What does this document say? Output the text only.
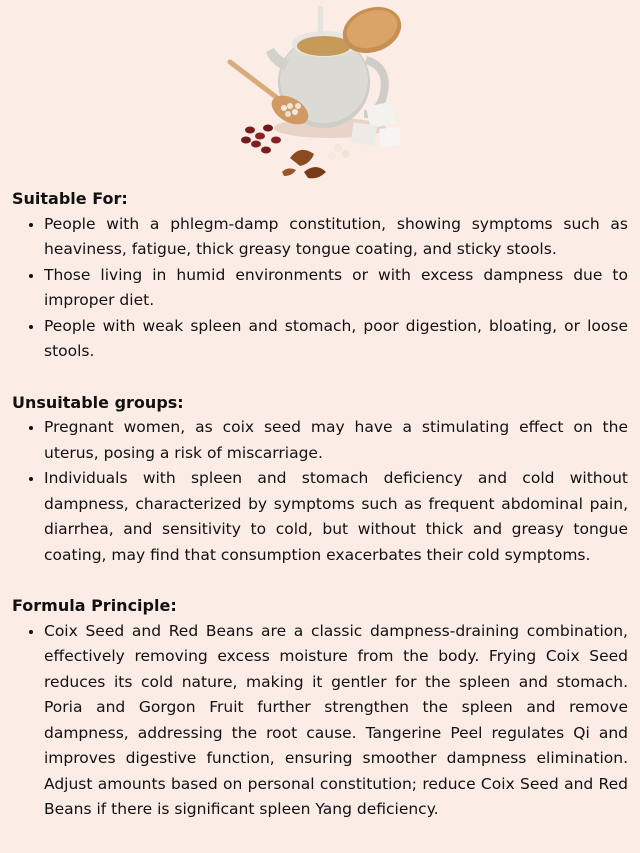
Suitable For:
• People with a phlegm-damp constitution, showing symptoms such as heaviness, fatigue, thick greasy tongue coating, and sticky stools.
• Those living in humid environments or with excess dampness due to improper diet.
• People with weak spleen and stomach, poor digestion, bloating, or loose stools.
Unsuitable groups:
• Pregnant women, as coix seed may have a stimulating effect on the uterus, posing a risk of miscarriage.
• Individuals with spleen and stomach deficiency and cold without dampness, characterized by symptoms such as frequent abdominal pain, diarrhea, and sensitivity to cold, but without thick and greasy tongue coating, may find that consumption exacerbates their cold symptoms.
Formula Principle:
• Coix Seed and Red Beans are a classic dampness-draining combination, effectively removing excess moisture from the body. Frying Coix Seed reduces its cold nature, making it gentler for the spleen and stomach. Poria and Gorgon Fruit further strengthen the spleen and remove dampness, addressing the root cause. Tangerine Peel regulates Qi and improves digestive function, ensuring smoother dampness elimination. Adjust amounts based on personal constitution; reduce Coix Seed and Red Beans if there is significant spleen Yang deficiency.
